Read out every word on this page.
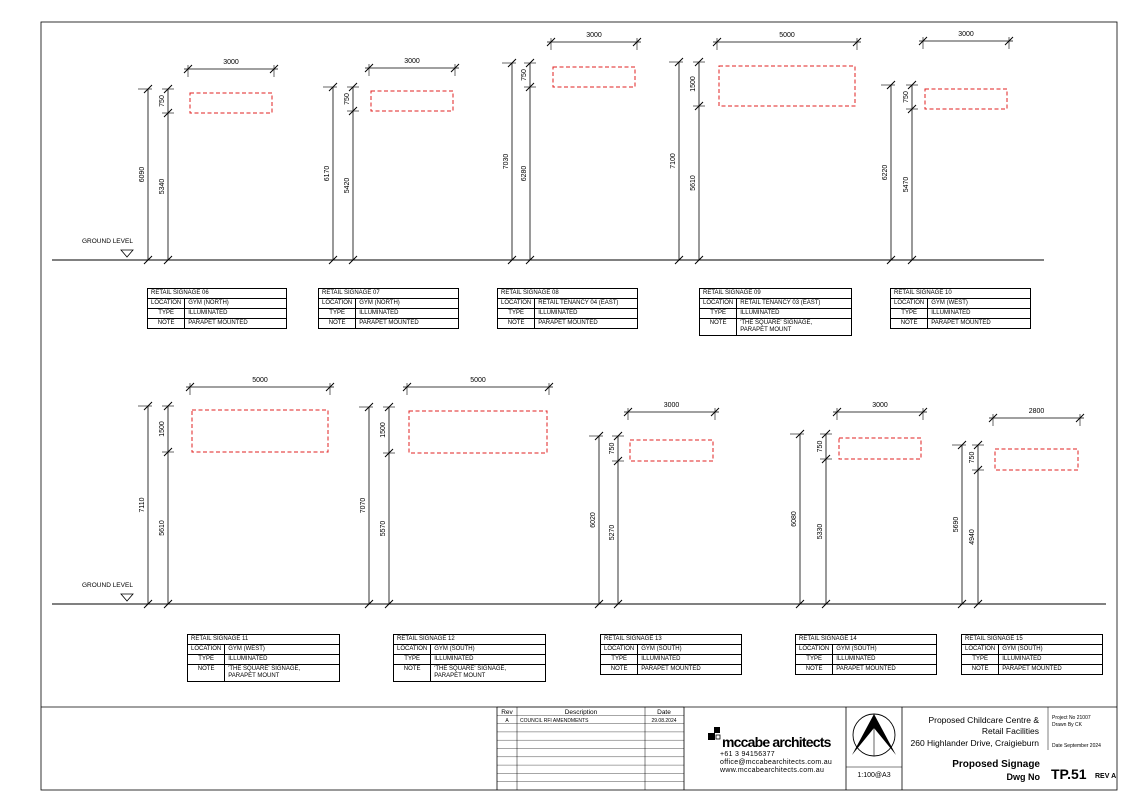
Rev	Description	Date
A COUNCIL RFI AMENDMENTS	29.08.2024
GROUND LEVEL
6090
5340
750
3000
6170
5420
750
3000
7030
6280
750
3000
7100
5610
1500
5000
6220
5470
750
3000
GROUND LEVEL
7110
5610
1500
5000
7070
5570
1500
5000
6020
5270
750
3000
6080
5330
750
3000
5690
4940
750
2800
RETAIL SIGNAGE 06	
LOCATION	GYM (NORTH)
TYPE	ILLUMINATED
NOTE	PARAPET MOUNTED
RETAIL SIGNAGE 07	
LOCATION	GYM (NORTH)
TYPE	ILLUMINATED
NOTE	PARAPET MOUNTED
RETAIL SIGNAGE 08	
LOCATION	RETAIL TENANCY 04 (EAST)
TYPE	ILLUMINATED
NOTE	PARAPET MOUNTED
RETAIL SIGNAGE 09	
LOCATION	RETAIL TENANCY 03 (EAST)
TYPE	ILLUMINATED
NOTE	'THE SQUARE' SIGNAGE,
PARAPET MOUNT
RETAIL SIGNAGE 10	
LOCATION	GYM (WEST)
TYPE	ILLUMINATED
NOTE	PARAPET MOUNTED
RETAIL SIGNAGE 11	
LOCATION	GYM (WEST)
TYPE	ILLUMINATED
NOTE	'THE SQUARE' SIGNAGE,
PARAPET MOUNT
RETAIL SIGNAGE 12	
LOCATION	GYM (SOUTH)
TYPE	ILLUMINATED
NOTE	'THE SQUARE' SIGNAGE,
PARAPET MOUNT
RETAIL SIGNAGE 13	
LOCATION	GYM (SOUTH)
TYPE	ILLUMINATED
NOTE	PARAPET MOUNTED
RETAIL SIGNAGE 14	
LOCATION	GYM (SOUTH)
TYPE	ILLUMINATED
NOTE	PARAPET MOUNTED
RETAIL SIGNAGE 15	
LOCATION	GYM (SOUTH)
TYPE	ILLUMINATED
NOTE	PARAPET MOUNTED
mccabe architects
+61 3 94156377
office@mccabearchitects.com.au
www.mccabearchitects.com.au
1:100@A3
Proposed Childcare Centre &
Retail Facilities
260 Highlander Drive, Craigieburn
Project No 21007
Drawn By CK
Date September 2024
Proposed Signage
Dwg No TP.51 REV A
